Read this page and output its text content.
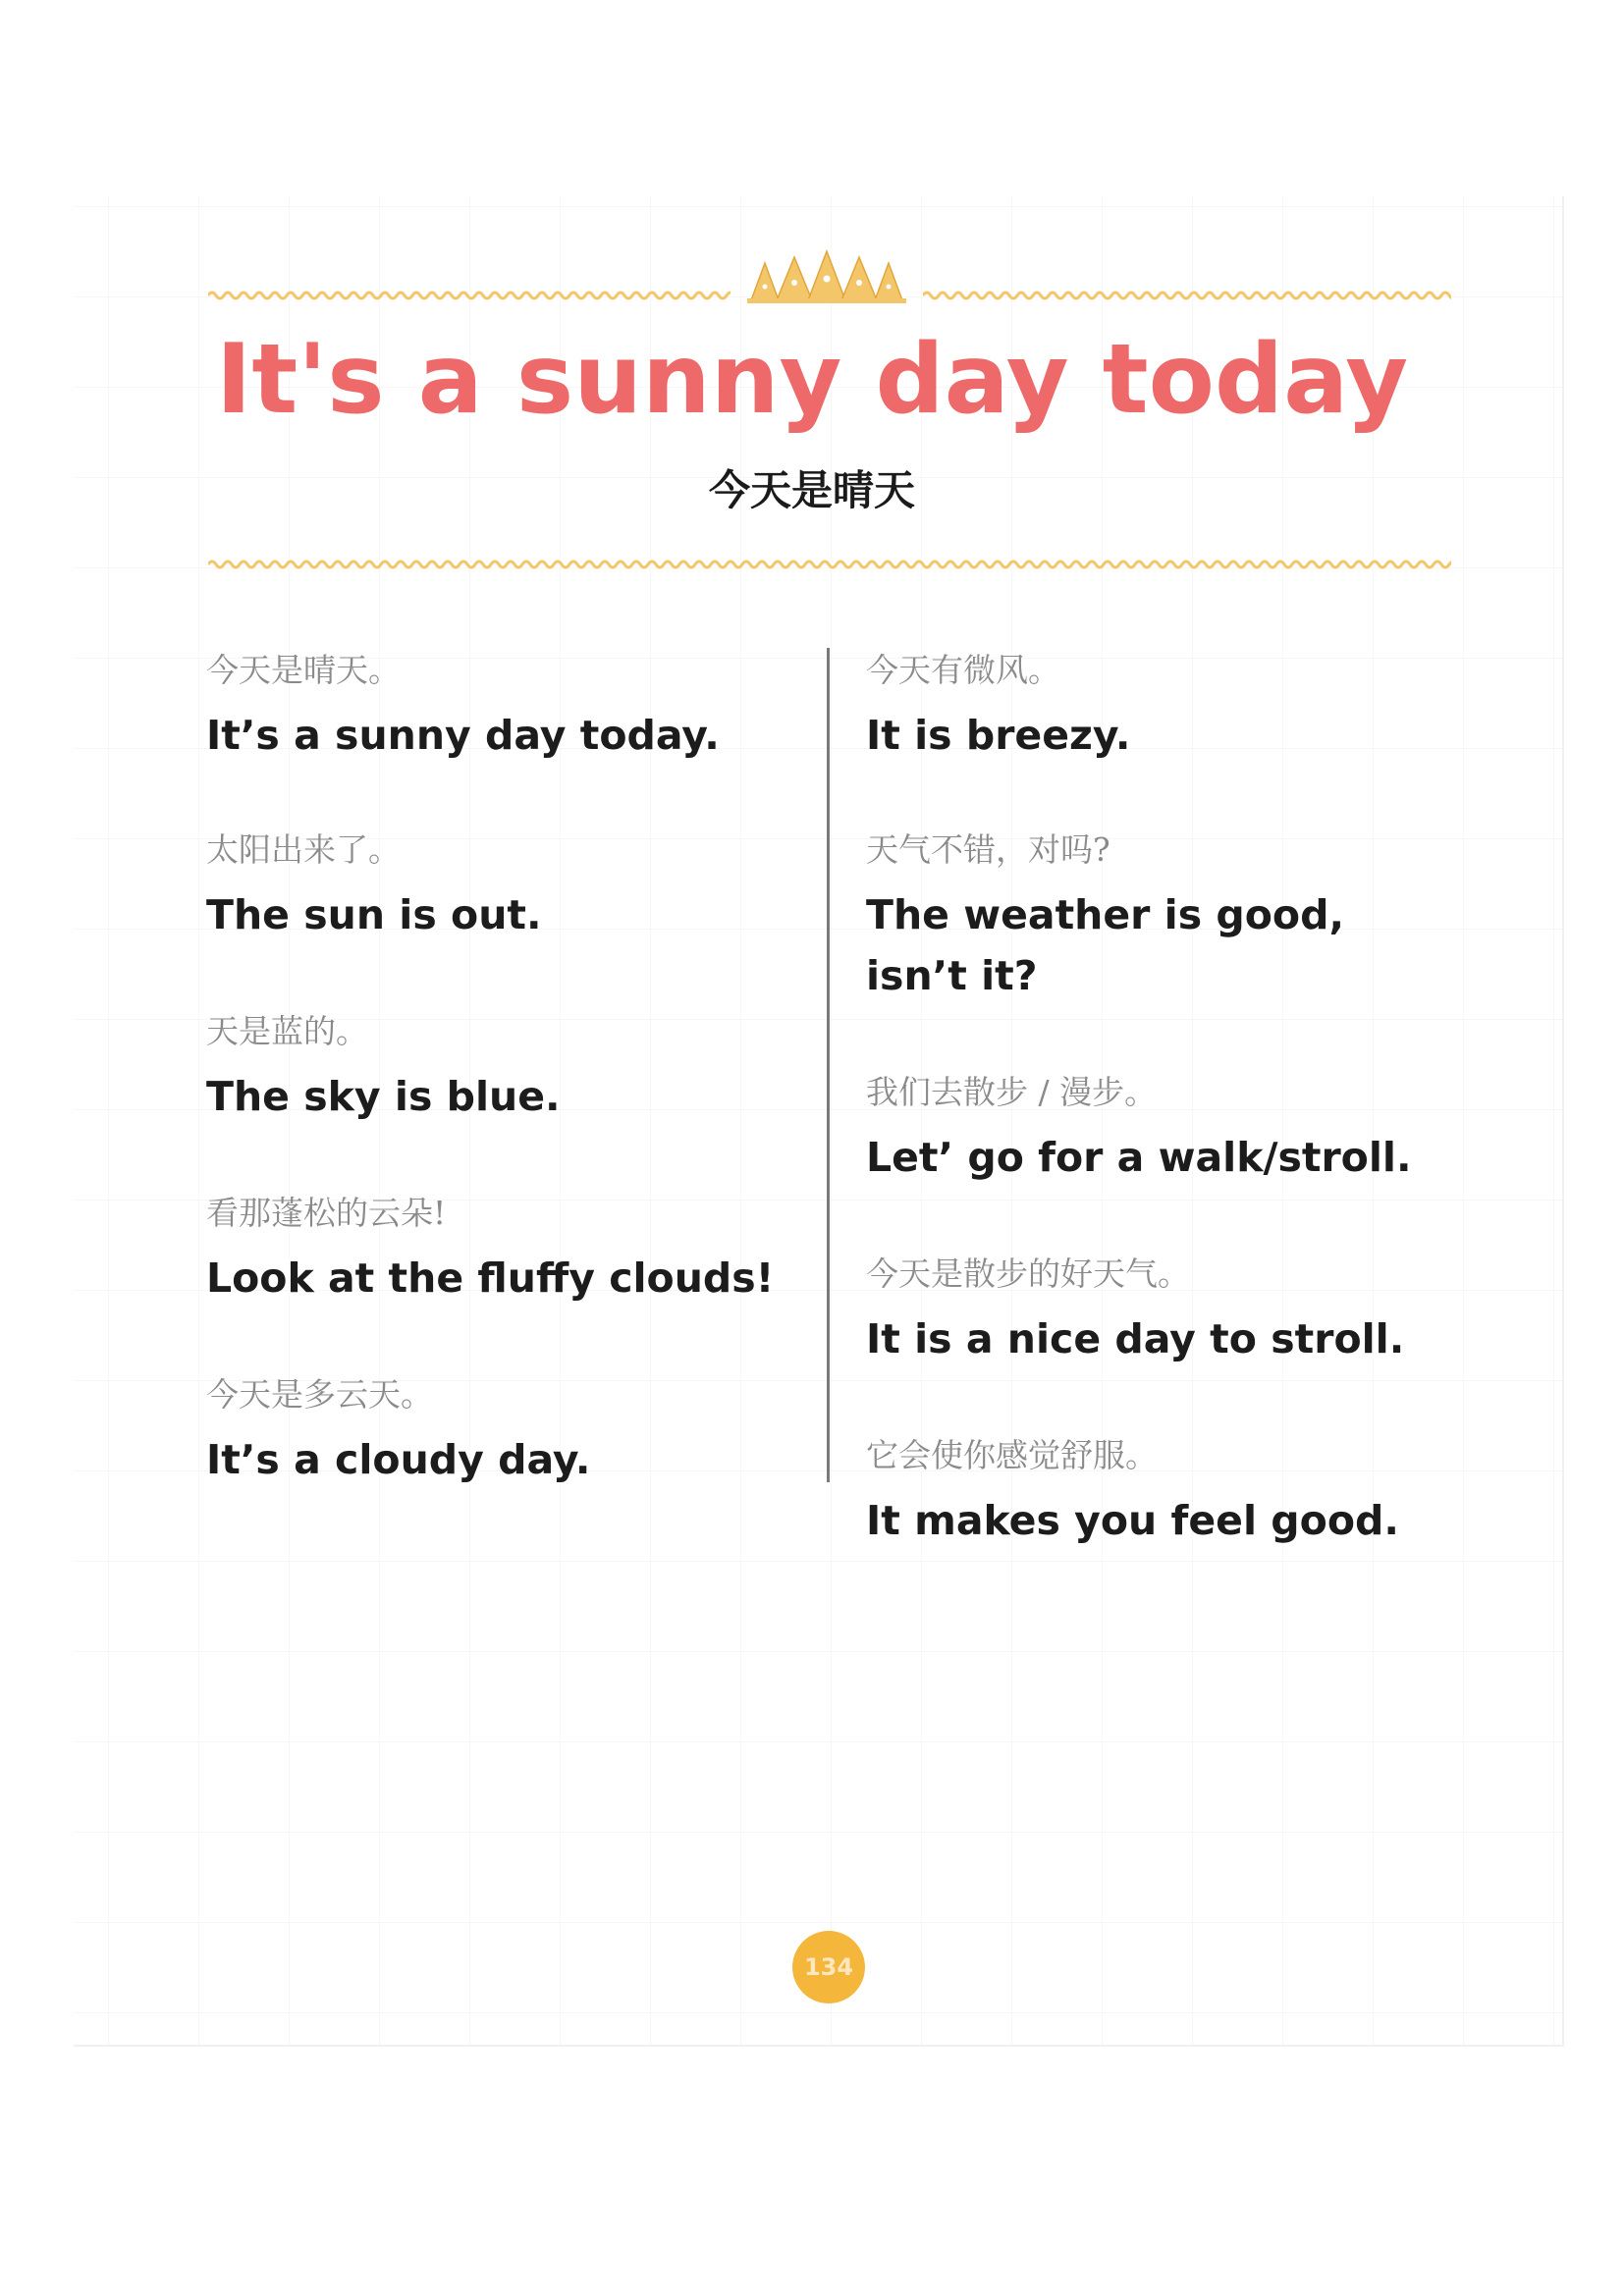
It's a sunny day today
今天是晴天
今天是晴天。
It’s a sunny day today.
太阳出来了。
The sun is out.
天是蓝的。
The sky is blue.
看那蓬松的云朵!
Look at the fluffy clouds!
今天是多云天。
It’s a cloudy day.
今天有微风。
It is breezy.
天气不错，对吗?
The weather is good, isn’t it?
我们去散步 / 漫步。
Let’ go for a walk/stroll.
今天是散步的好天气。
It is a nice day to stroll.
它会使你感觉舒服。
It makes you feel good.
134
